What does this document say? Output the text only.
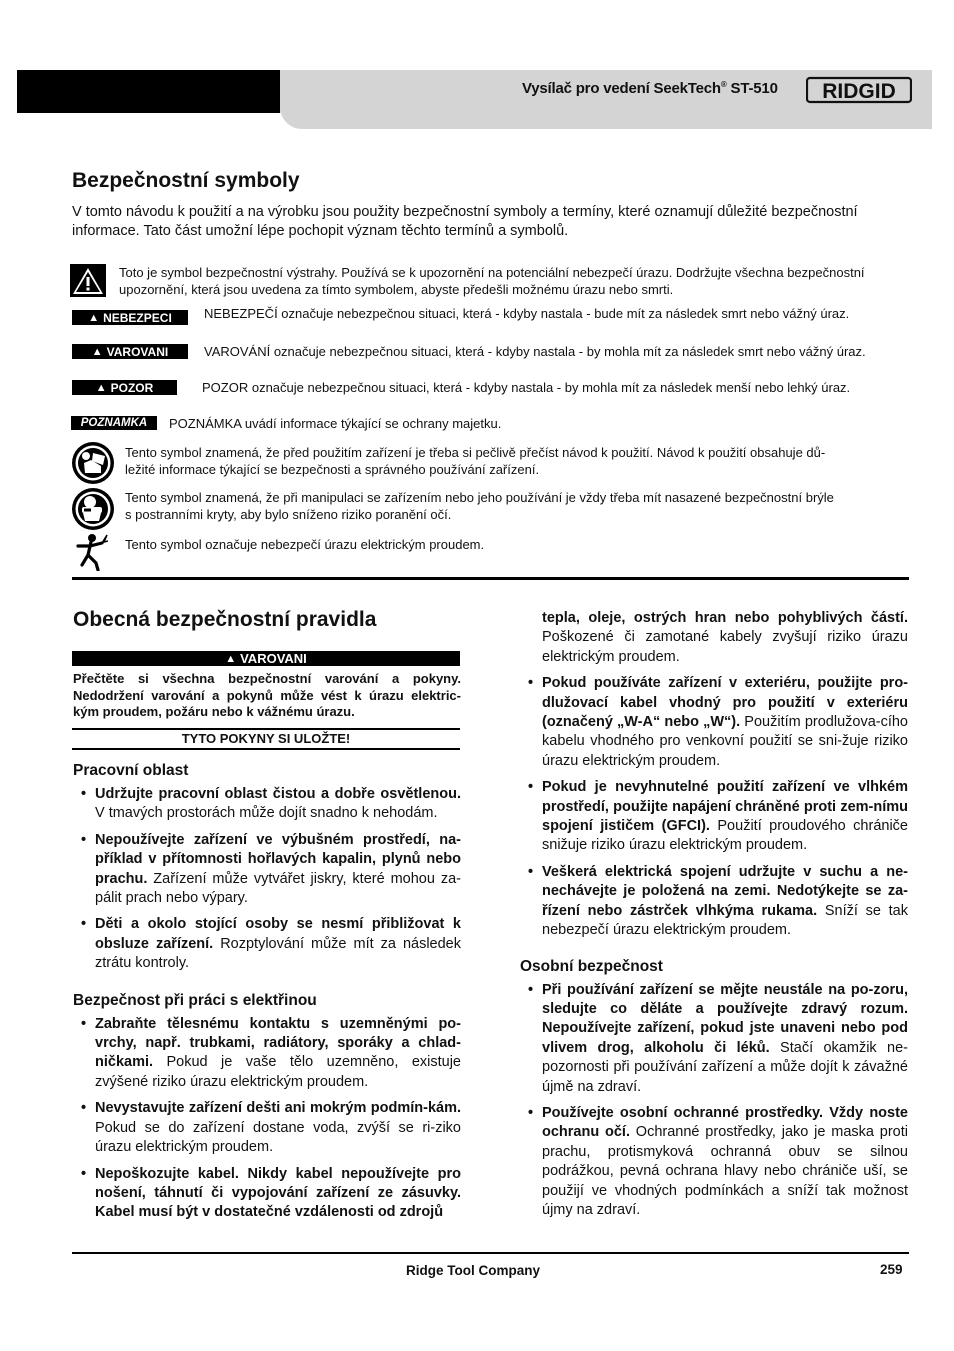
Vysílač pro vedení SeekTech® ST-510 RIDGID
Bezpečnostní symboly
V tomto návodu k použití a na výrobku jsou použity bezpečnostní symboly a termíny, které oznamují důležité bezpečnostní
informace. Tato část umožní lépe pochopit význam těchto termínů a symbolů.
Toto je symbol bezpečnostní výstrahy. Používá se k upozornění na potenciální nebezpečí úrazu. Dodržujte všechna bezpečnostní
upozornění, která jsou uvedena za tímto symbolem, abyste předešli možnému úrazu nebo smrti.
▲ NEBEZPECI NEBEZPEČÍ označuje nebezpečnou situaci, která - kdyby nastala - bude mít za následek smrt nebo vážný úraz.
▲ VAROVANI	VAROVÁNÍ označuje nebezpečnou situaci, která - kdyby nastala - by mohla mít za následek smrt nebo vážný úraz.
▲ POZOR	POZOR označuje nebezpečnou situaci, která - kdyby nastala - by mohla mít za následek menší nebo lehký úraz.
POZNAMKA	POZNÁMKA uvádí informace týkající se ochrany majetku.
Tento symbol znamená, že před použitím zařízení je třeba si pečlivě přečíst návod k použití. Návod k použití obsahuje dů-
ležité informace týkající se bezpečnosti a správného používání zařízení.
Tento symbol znamená, že při manipulaci se zařízením nebo jeho používání je vždy třeba mít nasazené bezpečnostní brýle
s postranními kryty, aby bylo sníženo riziko poranění očí.
Tento symbol označuje nebezpečí úrazu elektrickým proudem.
Obecná bezpečnostní pravidla
▲ VAROVANI
Přečtěte si všechna bezpečnostní varování a pokyny.
Nedodržení varování a pokynů může vést k úrazu elektric-
kým proudem, požáru nebo k vážnému úrazu.
TYTO POKYNY SI ULOŽTE!

Pracovní oblast

• Udržujte pracovní oblast čistou a dobře osvětlenou. V tmavých prostorách může dojít snadno k nehodám.
• Nepoužívejte zařízení ve výbušném prostředí, na-příklad v přítomnosti hořlavých kapalin, plynů nebo prachu. Zařízení může vytvářet jiskry, které mohou za-pálit prach nebo výpary.
• Děti a okolo stojící osoby se nesmí přibližovat k obsluze zařízení. Rozptylování může mít za následek ztrátu kontroly.

Bezpečnost při práci s elektřinou

• Zabraňte tělesnému kontaktu s uzemněnými po-vrchy, např. trubkami, radiátory, sporáky a chlad-ničkami. Pokud je vaše tělo uzemněno, existuje zvýšené riziko úrazu elektrickým proudem.
• Nevystavujte zařízení dešti ani mokrým podmín-kám. Pokud se do zařízení dostane voda, zvýší se ri-ziko úrazu elektrickým proudem.
• Nepoškozujte kabel. Nikdy kabel nepoužívejte pro nošení, táhnutí či vypojování zařízení ze zásuvky. Kabel musí být v dostatečné vzdálenosti od zdrojů
tepla, oleje, ostrých hran nebo pohyblivých částí. Poškozené či zamotané kabely zvyšují riziko úrazu elektrickým proudem.
• Pokud používáte zařízení v exteriéru, použijte pro-dlužovací kabel vhodný pro použití v exteriéru (označený „W-A“ nebo „W“). Použitím prodlužova-cího kabelu vhodného pro venkovní použití se sni-žuje riziko úrazu elektrickým proudem.
• Pokud je nevyhnutelné použití zařízení ve vlhkém prostředí, použijte napájení chráněné proti zem-nímu spojení jističem (GFCI). Použití proudového chrániče snižuje riziko úrazu elektrickým proudem.
• Veškerá elektrická spojení udržujte v suchu a ne-nechávejte je položená na zemi. Nedotýkejte se za-řízení nebo zástrček vlhkýma rukama. Sníží se tak nebezpečí úrazu elektrickým proudem.

Osobní bezpečnost

• Při používání zařízení se mějte neustále na po-zoru, sledujte co děláte a používejte zdravý rozum. Nepoužívejte zařízení, pokud jste unaveni nebo pod vlivem drog, alkoholu či léků. Stačí okamžik ne-pozornosti při používání zařízení a může dojít k závažné újmě na zdraví.
• Používejte osobní ochranné prostředky. Vždy noste ochranu očí. Ochranné prostředky, jako je maska proti prachu, protismyková ochranná obuv se silnou podrážkou, pevná ochrana hlavy nebo chrániče uší, se použijí ve vhodných podmínkách a sníží tak možnost újmy na zdraví.
Ridge Tool Company	259
